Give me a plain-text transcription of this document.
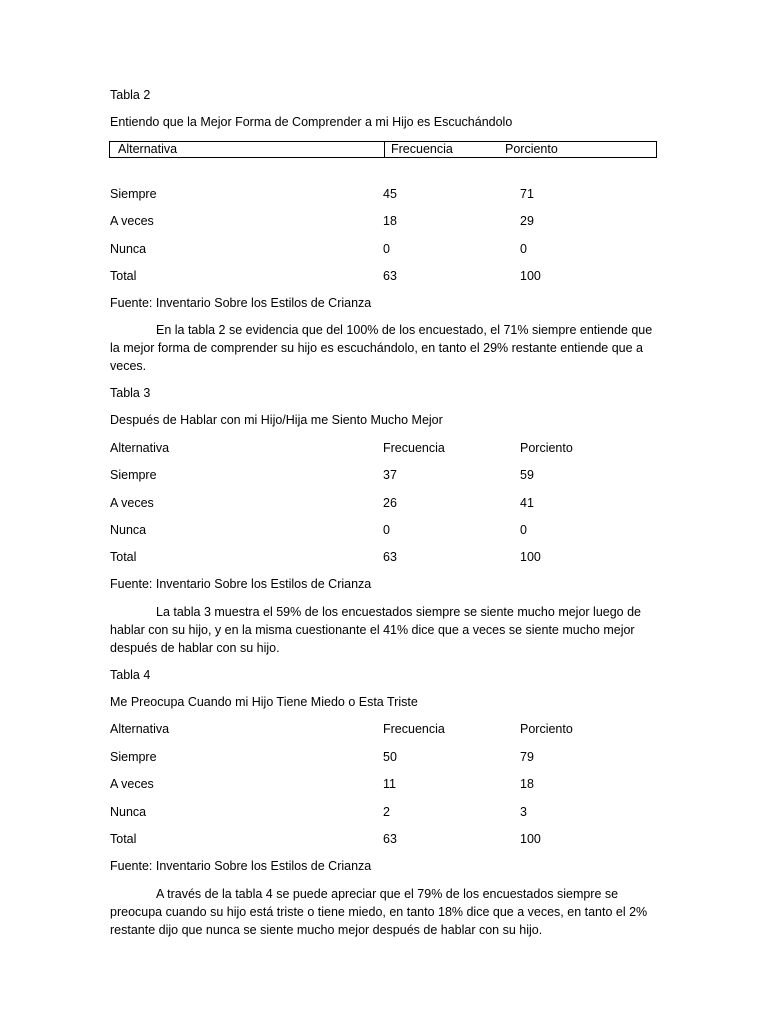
Tabla 2
Entiendo que la Mejor Forma de Comprender a mi Hijo es Escuchándolo
Alternativa	Frecuencia	Porciento
Siempre	45	71
A veces	18	29
Nunca	0	0
Total	63	100
Fuente: Inventario Sobre los Estilos de Crianza
En la tabla 2 se evidencia que del 100% de los encuestado, el 71% siempre entiende que la mejor forma de comprender su hijo es escuchándolo, en tanto el 29% restante entiende que a veces.
Tabla 3
Después de Hablar con mi Hijo/Hija me Siento Mucho Mejor
Alternativa	Frecuencia	Porciento
Siempre	37	59
A veces	26	41
Nunca	0	0
Total	63	100
Fuente: Inventario Sobre los Estilos de Crianza
La tabla 3 muestra el 59% de los encuestados siempre se siente mucho mejor luego de hablar con su hijo, y en la misma cuestionante el 41% dice que a veces se siente mucho mejor después de hablar con su hijo.
Tabla 4
Me Preocupa Cuando mi Hijo Tiene Miedo o Esta Triste
Alternativa	Frecuencia	Porciento
Siempre	50	79
A veces	11	18
Nunca	2	3
Total	63	100
Fuente: Inventario Sobre los Estilos de Crianza
A través de la tabla 4 se puede apreciar que el 79% de los encuestados siempre se preocupa cuando su hijo está triste o tiene miedo, en tanto 18% dice que a veces, en tanto el 2% restante dijo que nunca se siente mucho mejor después de hablar con su hijo.
